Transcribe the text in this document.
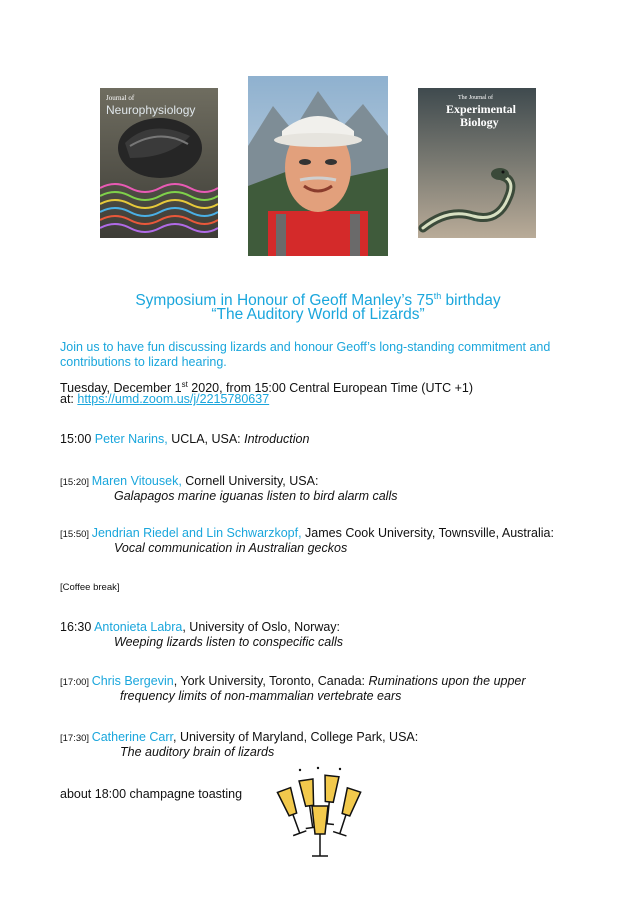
Journal of
Neurophysiology
The Journal of
Experimental
Biology
Symposium in Honour of Geoff Manley’s 75th birthday
“The Auditory World of Lizards”
Join us to have fun discussing lizards and honour Geoff’s long-standing commitment and
contributions to lizard hearing.
Tuesday, December 1st 2020, from 15:00 Central European Time (UTC +1)
at: https://umd.zoom.us/j/2215780637
15:00 Peter Narins, UCLA, USA: Introduction
[15:20] Maren Vitousek, Cornell University, USA:
Galapagos marine iguanas listen to bird alarm calls
[15:50] Jendrian Riedel and Lin Schwarzkopf, James Cook University, Townsville, Australia:
Vocal communication in Australian geckos
[Coffee break]
16:30 Antonieta Labra, University of Oslo, Norway:
Weeping lizards listen to conspecific calls
[17:00] Chris Bergevin, York University, Toronto, Canada: Ruminations upon the upper
frequency limits of non-mammalian vertebrate ears
[17:30] Catherine Carr, University of Maryland, College Park, USA:
The auditory brain of lizards
about 18:00 champagne toasting
